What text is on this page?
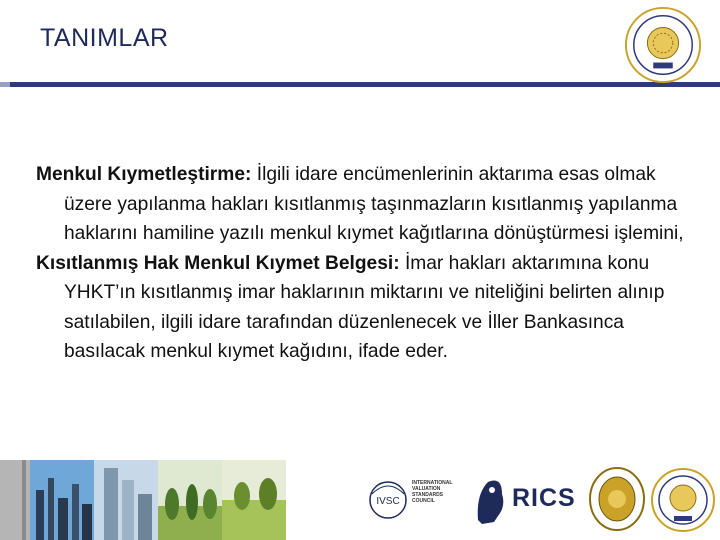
TANIMLAR

Menkul Kıymetleştirme: İlgili idare encümenlerinin aktarıma esas olmak üzere yapılanma hakları kısıtlanmış taşınmazların kısıtlanmış yapılanma haklarını hamiline yazılı menkul kıymet kağıtlarına dönüştürmesi işlemini,

Kısıtlanmış Hak Menkul Kıymet Belgesi: İmar hakları aktarımına konu YHKT’ın kısıtlanmış imar haklarının miktarını ve niteliğini belirten alınıp satılabilen, ilgili idare tarafından düzenlenecek ve İller Bankasınca basılacak menkul kıymet kağıdını, ifade eder.

IVSC
INTERNATIONAL
VALUATION
STANDARDS
COUNCIL	RICS
